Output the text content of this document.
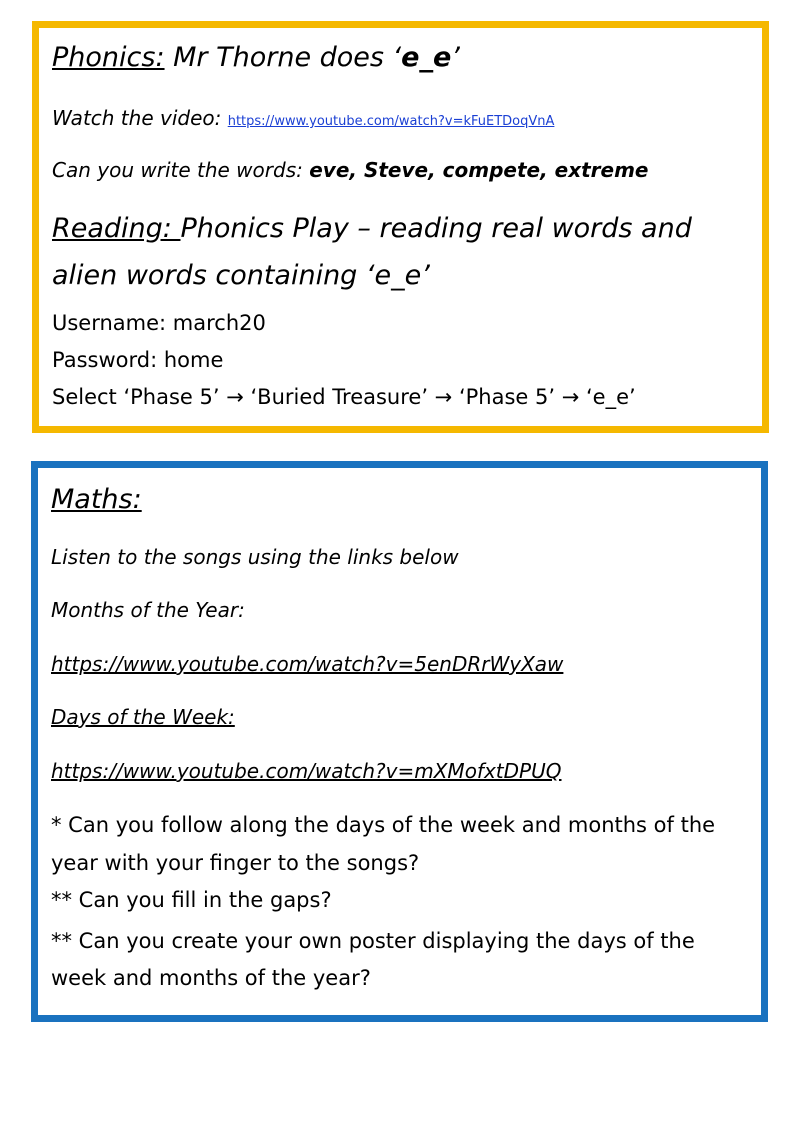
Phonics: Mr Thorne does ‘e_e’
Watch the video: https://www.youtube.com/watch?v=kFuETDoqVnA
Can you write the words: eve, Steve, compete, extreme
Reading: Phonics Play – reading real words and
alien words containing ‘e_e’
Username: march20
Password: home
Select ‘Phase 5’ → ‘Buried Treasure’ → ‘Phase 5’ → ‘e_e’
Maths:
Listen to the songs using the links below
Months of the Year:
https://www.youtube.com/watch?v=5enDRrWyXaw
Days of the Week:
https://www.youtube.com/watch?v=mXMofxtDPUQ
* Can you follow along the days of the week and months of the
year with your finger to the songs?
** Can you fill in the gaps?
** Can you create your own poster displaying the days of the
week and months of the year?
